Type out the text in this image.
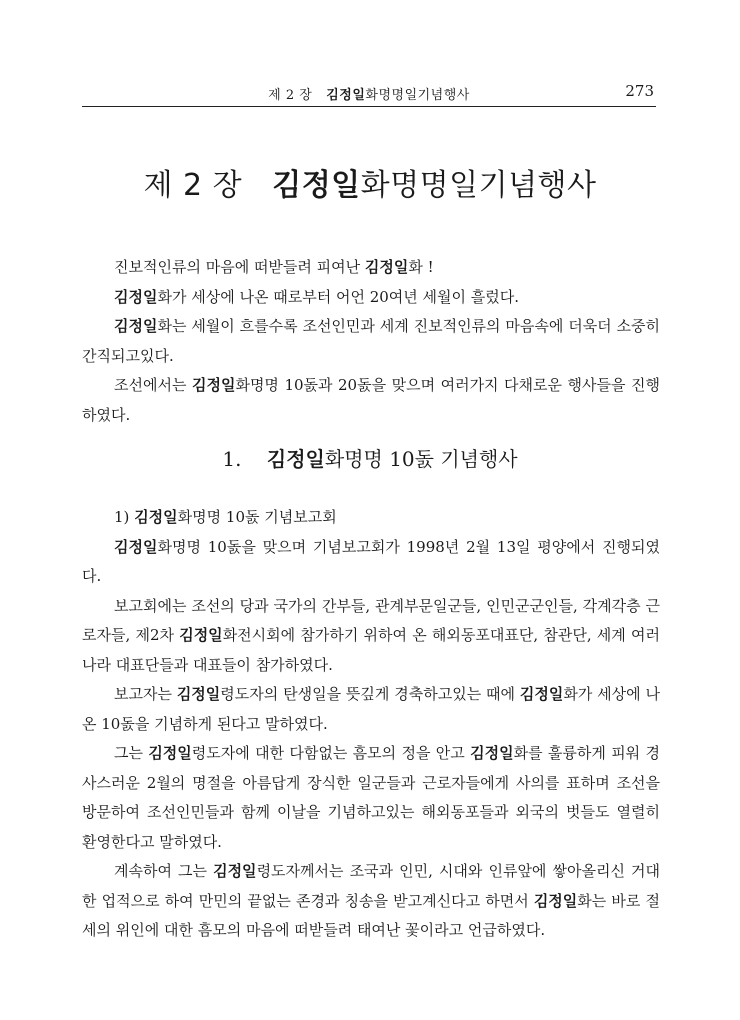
제 2 장 김정일화명명일기념행사	273
제 2 장 김정일화명명일기념행사

진보적인류의 마음에 떠받들려 피여난 김정일화 !

김정일화가 세상에 나온 때로부터 어언 20여년 세월이 흘렀다.

김정일화는 세월이 흐를수록 조선인민과 세계 진보적인류의 마음속에 더욱더 소중히 간직되고있다.

조선에서는 김정일화명명 10돐과 20돐을 맞으며 여러가지 다채로운 행사들을 진행하였다.

1. 김정일화명명 10돐 기념행사

1) 김정일화명명 10돐 기념보고회

김정일화명명 10돐을 맞으며 기념보고회가 1998년 2월 13일 평양에서 진행되였다.

보고회에는 조선의 당과 국가의 간부들, 관계부문일군들, 인민군군인들, 각계각층 근로자들, 제2차 김정일화전시회에 참가하기 위하여 온 해외동포대표단, 참관단, 세계 여러 나라 대표단들과 대표들이 참가하였다.

보고자는 김정일령도자의 탄생일을 뜻깊게 경축하고있는 때에 김정일화가 세상에 나온 10돐을 기념하게 된다고 말하였다.

그는 김정일령도자에 대한 다함없는 흠모의 정을 안고 김정일화를 훌륭하게 피워 경사스러운 2월의 명절을 아름답게 장식한 일군들과 근로자들에게 사의를 표하며 조선을 방문하여 조선인민들과 함께 이날을 기념하고있는 해외동포들과 외국의 벗들도 열렬히 환영한다고 말하였다.

계속하여 그는 김정일령도자께서는 조국과 인민, 시대와 인류앞에 쌓아올리신 거대한 업적으로 하여 만민의 끝없는 존경과 칭송을 받고계신다고 하면서 김정일화는 바로 절세의 위인에 대한 흠모의 마음에 떠받들려 태여난 꽃이라고 언급하였다.
